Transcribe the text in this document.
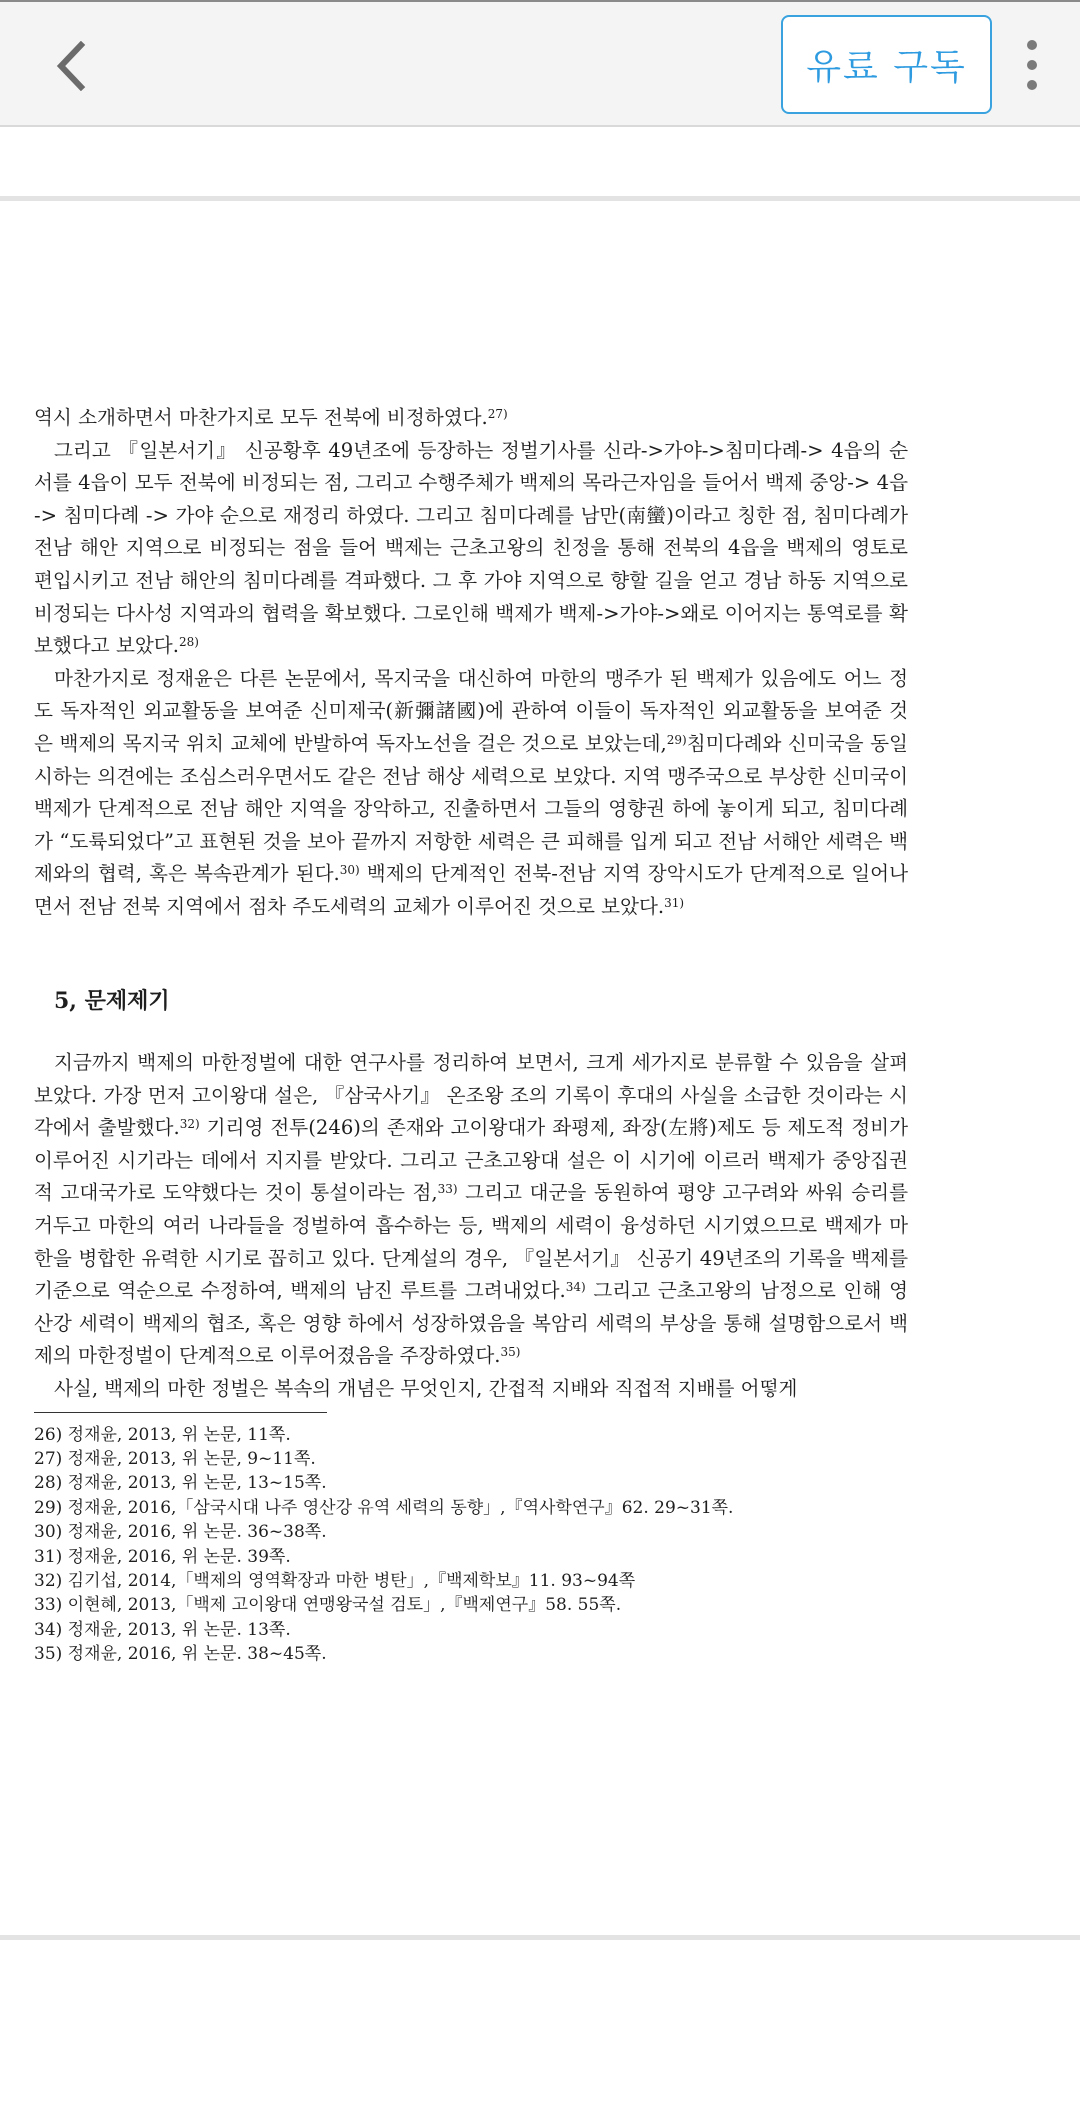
유료 구독

역시 소개하면서 마찬가지로 모두 전북에 비정하였다.$^{27)}$

그리고 『일본서기』 신공황후 49년조에 등장하는 정벌기사를 신라->가야->침미다례-> 4읍의 순서를 4읍이 모두 전북에 비정되는 점, 그리고 수행주체가 백제의 목라근자임을 들어서 백제 중앙-> 4읍 -> 침미다례 -> 가야 순으로 재정리 하였다. 그리고 침미다례를 남만(南蠻)이라고 칭한 점, 침미다례가 전남 해안 지역으로 비정되는 점을 들어 백제는 근초고왕의 친정을 통해 전북의 4읍을 백제의 영토로 편입시키고 전남 해안의 침미다례를 격파했다. 그 후 가야 지역으로 향할 길을 얻고 경남 하동 지역으로 비정되는 다사성 지역과의 협력을 확보했다. 그로인해 백제가 백제->가야->왜로 이어지는 통역로를 확보했다고 보았다.$^{28)}$

마찬가지로 정재윤은 다른 논문에서, 목지국을 대신하여 마한의 맹주가 된 백제가 있음에도 어느 정도 독자적인 외교활동을 보여준 신미제국(新彌諸國)에 관하여 이들이 독자적인 외교활동을 보여준 것은 백제의 목지국 위치 교체에 반발하여 독자노선을 걸은 것으로 보았는데,$^{29)}$침미다례와 신미국을 동일시하는 의견에는 조심스러우면서도 같은 전남 해상 세력으로 보았다. 지역 맹주국으로 부상한 신미국이 백제가 단계적으로 전남 해안 지역을 장악하고, 진출하면서 그들의 영향권 하에 놓이게 되고, 침미다례가 “도륙되었다”고 표현된 것을 보아 끝까지 저항한 세력은 큰 피해를 입게 되고 전남 서해안 세력은 백제와의 협력, 혹은 복속관계가 된다.$^{30)}$ 백제의 단계적인 전북-전남 지역 장악시도가 단계적으로 일어나면서 전남 전북 지역에서 점차 주도세력의 교체가 이루어진 것으로 보았다.$^{31)}$

5, 문제제기

지금까지 백제의 마한정벌에 대한 연구사를 정리하여 보면서, 크게 세가지로 분류할 수 있음을 살펴보았다. 가장 먼저 고이왕대 설은, 『삼국사기』 온조왕 조의 기록이 후대의 사실을 소급한 것이라는 시각에서 출발했다.$^{32)}$ 기리영 전투(246)의 존재와 고이왕대가 좌평제, 좌장(左將)제도 등 제도적 정비가 이루어진 시기라는 데에서 지지를 받았다. 그리고 근초고왕대 설은 이 시기에 이르러 백제가 중앙집권적 고대국가로 도약했다는 것이 통설이라는 점,$^{33)}$ 그리고 대군을 동원하여 평양 고구려와 싸워 승리를 거두고 마한의 여러 나라들을 정벌하여 흡수하는 등, 백제의 세력이 융성하던 시기였으므로 백제가 마한을 병합한 유력한 시기로 꼽히고 있다. 단계설의 경우, 『일본서기』 신공기 49년조의 기록을 백제를 기준으로 역순으로 수정하여, 백제의 남진 루트를 그려내었다.$^{34)}$ 그리고 근초고왕의 남정으로 인해 영산강 세력이 백제의 협조, 혹은 영향 하에서 성장하였음을 복암리 세력의 부상을 통해 설명함으로서 백제의 마한정벌이 단계적으로 이루어졌음을 주장하였다.$^{35)}$

사실, 백제의 마한 정벌은 복속의 개념은 무엇인지, 간접적 지배와 직접적 지배를 어떻게

26) 정재윤, 2013, 위 논문, 11쪽.
27) 정재윤, 2013, 위 논문, 9~11쪽.
28) 정재윤, 2013, 위 논문, 13~15쪽.
29) 정재윤, 2016,「삼국시대 나주 영산강 유역 세력의 동향」,『역사학연구』62. 29~31쪽.
30) 정재윤, 2016, 위 논문. 36~38쪽.
31) 정재윤, 2016, 위 논문. 39쪽.
32) 김기섭, 2014,「백제의 영역확장과 마한 병탄」,『백제학보』11. 93~94쪽
33) 이현혜, 2013,「백제 고이왕대 연맹왕국설 검토」,『백제연구』58. 55쪽.
34) 정재윤, 2013, 위 논문. 13쪽.
35) 정재윤, 2016, 위 논문. 38~45쪽.
